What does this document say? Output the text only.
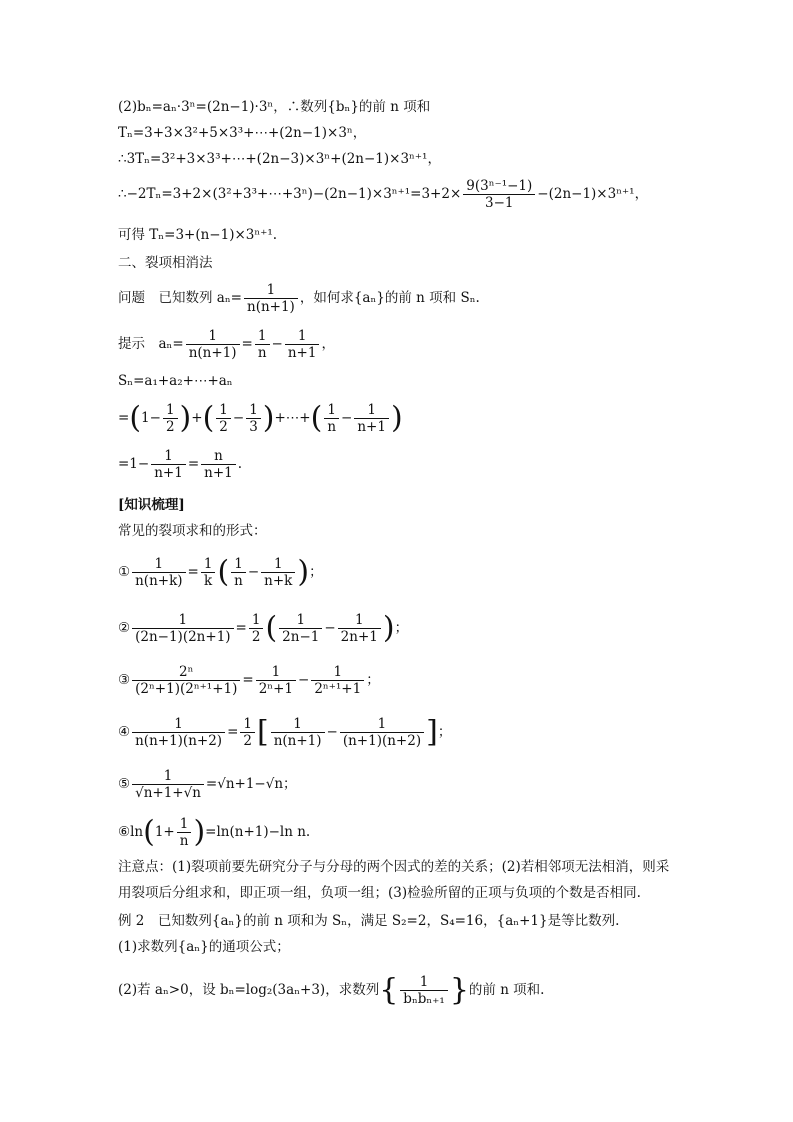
(2)bₙ=aₙ·3ⁿ=(2n−1)·3ⁿ，∴数列{bₙ}的前 n 项和
Tₙ=3+3×3²+5×3³+⋯+(2n−1)×3ⁿ，
∴3Tₙ=3²+3×3³+⋯+(2n−3)×3ⁿ+(2n−1)×3ⁿ⁺¹，
∴−2Tₙ=3+2×(3²+3³+⋯+3ⁿ)−(2n−1)×3ⁿ⁺¹=3+2× $\frac{\text{9(3ⁿ⁻¹−1)}}{3-1} -(2n-1)\times 3^{n+1}$，
可得 Tₙ=3+(n−1)×3ⁿ⁺¹.
二、裂项相消法
问题　已知数列 $a_n= \frac{1}{n(n+1)}$ ，如何求{aₙ}的前 n 项和 Sₙ.
提示　$a_n= \frac{1}{n(n+1)} = \frac{1}{n} - \frac{1}{n+1}$ ，
Sₙ=a₁+a₂+⋯+aₙ
$=(1- \frac{1}{2}$ )+( $\frac{1}{2} - \frac{1}{3}$ )+⋯+( $\frac{1}{n} - \frac{1}{n+1}$ )
$=1- \frac{1}{n+1} = \frac{n}{n+1}$ .
[知识梳理]
常见的裂项求和的形式：
① $\frac{1}{n(n+k)} = \frac{1}{k}$ ( $\frac{1}{n} - \frac{1}{n+k}$ )；
② $\frac{1}{(2n-1)(2n+1)} = \frac{1}{2}$ ( $\frac{1}{2n-1} - \frac{1}{2n+1}$ )；
③ $\frac{\text{2ⁿ}}{\text{(2ⁿ+1)(2ⁿ⁺¹+1)}} = \frac{1}{\text{2ⁿ+1}} - \frac{1}{\text{2ⁿ⁺¹+1}}$ ；
④ $\frac{1}{n(n+1)(n+2)} = \frac{1}{2}$ [ $\frac{1}{n(n+1)} - \frac{1}{(n+1)(n+2)}$ ]；
⑤ $\frac{1}{√n+1+√n} =√n+1-√n$；
⑥ln(1+ $\frac{1}{n} )=\ln(n+1)-\ln$ n.
注意点：(1)裂项前要先研究分子与分母的两个因式的差的关系；(2)若相邻项无法相消，则采
用裂项后分组求和，即正项一组，负项一组；(3)检验所留的正项与负项的个数是否相同.
例 2　已知数列{aₙ}的前 n 项和为 Sₙ，满足 S₂=2，S₄=16，{aₙ+1}是等比数列.
(1)求数列{aₙ}的通项公式；
(2)若 aₙ>0，设 bₙ=log₂(3aₙ+3)，求数列{ $\frac{1}{\text{bₙbₙ₊₁}}$ }的前 n 项和.
